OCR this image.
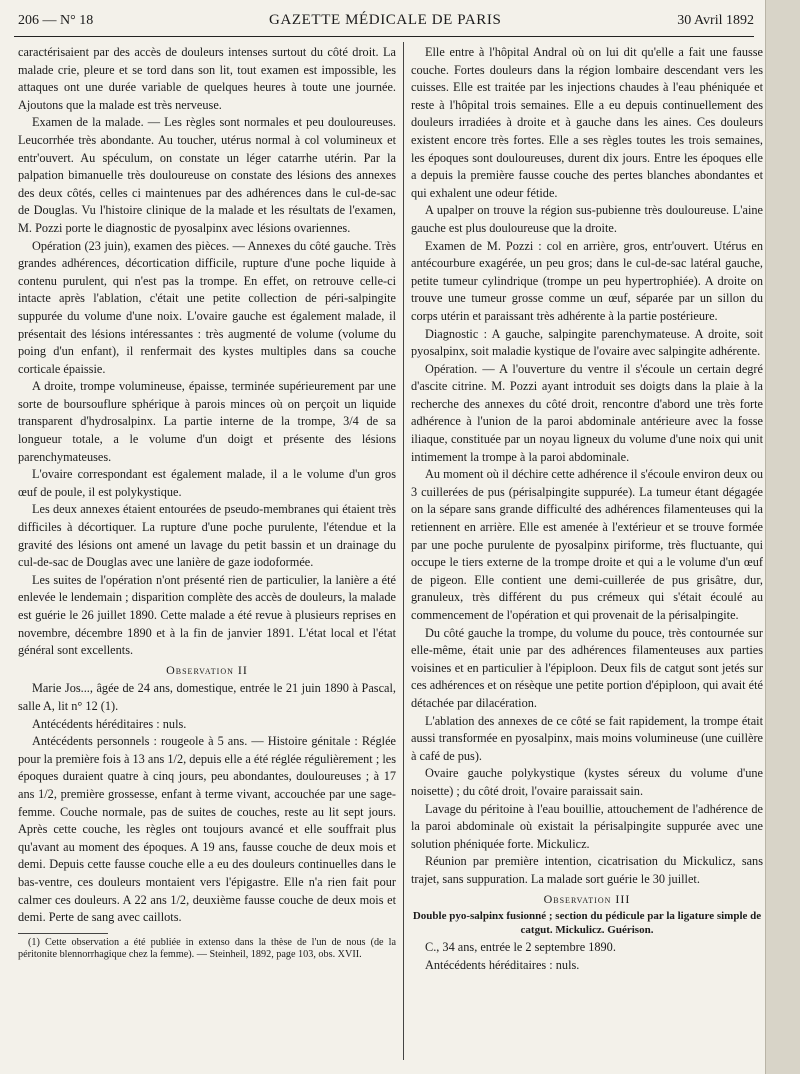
206 — N° 18	GAZETTE MÉDICALE DE PARIS	30 Avril 1892

caractérisaient par des accès de douleurs intenses surtout du côté droit. La malade crie, pleure et se tord dans son lit, tout examen est impossible, les attaques ont une durée variable de quelques heures à toute une journée. Ajoutons que la malade est très nerveuse.

Examen de la malade. — Les règles sont normales et peu douloureuses. Leucorrhée très abondante. Au toucher, utérus normal à col volumineux et entr'ouvert. Au spéculum, on constate un léger catarrhe utérin. Par la palpation bimanuelle très douloureuse on constate des lésions des annexes des deux côtés, celles ci maintenues par des adhérences dans le cul-de-sac de Douglas. Vu l'histoire clinique de la malade et les résultats de l'examen, M. Pozzi porte le diagnostic de pyosalpinx avec lésions ovariennes.

Opération (23 juin), examen des pièces. — Annexes du côté gauche. Très grandes adhérences, décortication difficile, rupture d'une poche liquide à contenu purulent, qui n'est pas la trompe. En effet, on retrouve celle-ci intacte après l'ablation, c'était une petite collection de péri-salpingite suppurée du volume d'une noix. L'ovaire gauche est également malade, il présentait des lésions intéressantes : très augmenté de volume (volume du poing d'un enfant), il renfermait des kystes multiples dans sa couche corticale épaissie.

A droite, trompe volumineuse, épaisse, terminée supérieurement par une sorte de boursouflure sphérique à parois minces où on perçoit un liquide transparent d'hydrosalpinx. La partie interne de la trompe, 3/4 de sa longueur totale, a le volume d'un doigt et présente des lésions parenchymateuses.

L'ovaire correspondant est également malade, il a le volume d'un gros œuf de poule, il est polykystique.

Les deux annexes étaient entourées de pseudo-membranes qui étaient très difficiles à décortiquer. La rupture d'une poche purulente, l'étendue et la gravité des lésions ont amené un lavage du petit bassin et un drainage du cul-de-sac de Douglas avec une lanière de gaze iodoformée.

Les suites de l'opération n'ont présenté rien de particulier, la lanière a été enlevée le lendemain ; disparition complète des accès de douleurs, la malade est guérie le 26 juillet 1890. Cette malade a été revue à plusieurs reprises en novembre, décembre 1890 et à la fin de janvier 1891. L'état local et l'état général sont excellents.

Observation II

Marie Jos..., âgée de 24 ans, domestique, entrée le 21 juin 1890 à Pascal, salle A, lit n° 12 (1).

Antécédents héréditaires : nuls.

Antécédents personnels : rougeole à 5 ans. — Histoire génitale : Réglée pour la première fois à 13 ans 1/2, depuis elle a été réglée régulièrement ; les époques duraient quatre à cinq jours, peu abondantes, douloureuses ; à 17 ans 1/2, première grossesse, enfant à terme vivant, accouchée par une sage-femme. Couche normale, pas de suites de couches, reste au lit sept jours. Après cette couche, les règles ont toujours avancé et elle souffrait plus qu'avant au moment des époques. A 19 ans, fausse couche de deux mois et demi. Depuis cette fausse couche elle a eu des douleurs continuelles dans le bas-ventre, ces douleurs montaient vers l'épigastre. Elle n'a rien fait pour calmer ces douleurs. A 22 ans 1/2, deuxième fausse couche de deux mois et demi. Perte de sang avec caillots.

(1) Cette observation a été publiée in extenso dans la thèse de l'un de nous (de la péritonite blennorrhagique chez la femme). — Steinheil, 1892, page 103, obs. XVII.

Elle entre à l'hôpital Andral où on lui dit qu'elle a fait une fausse couche. Fortes douleurs dans la région lombaire descendant vers les cuisses. Elle est traitée par les injections chaudes à l'eau phéniquée et reste à l'hôpital trois semaines. Elle a eu depuis continuellement des douleurs irradiées à droite et à gauche dans les aines. Ces douleurs existent encore très fortes. Elle a ses règles toutes les trois semaines, les époques sont douloureuses, durent dix jours. Entre les époques elle a depuis la première fausse couche des pertes blanches abondantes et qui exhalent une odeur fétide.

A upalper on trouve la région sus-pubienne très douloureuse. L'aine gauche est plus douloureuse que la droite.

Examen de M. Pozzi : col en arrière, gros, entr'ouvert. Utérus en antécourbure exagérée, un peu gros; dans le cul-de-sac latéral gauche, petite tumeur cylindrique (trompe un peu hypertrophiée). A droite on trouve une tumeur grosse comme un œuf, séparée par un sillon du corps utérin et paraissant très adhérente à la partie postérieure.

Diagnostic : A gauche, salpingite parenchymateuse. A droite, soit pyosalpinx, soit maladie kystique de l'ovaire avec salpingite adhérente.

Opération. — A l'ouverture du ventre il s'écoule un certain degré d'ascite citrine. M. Pozzi ayant introduit ses doigts dans la plaie à la recherche des annexes du côté droit, rencontre d'abord une très forte adhérence à l'union de la paroi abdominale antérieure avec la fosse iliaque, constituée par un noyau ligneux du volume d'une noix qui unit intimement la trompe à la paroi abdominale.

Au moment où il déchire cette adhérence il s'écoule environ deux ou 3 cuillerées de pus (périsalpingite suppurée). La tumeur étant dégagée on la sépare sans grande difficulté des adhérences filamenteuses qui la retiennent en arrière. Elle est amenée à l'extérieur et se trouve formée par une poche purulente de pyosalpinx piriforme, très fluctuante, qui occupe le tiers externe de la trompe droite et qui a le volume d'un œuf de pigeon. Elle contient une demi-cuillerée de pus grisâtre, dur, granuleux, très différent du pus crémeux qui s'était écoulé au commencement de l'opération et qui provenait de la périsalpingite.

Du côté gauche la trompe, du volume du pouce, très contournée sur elle-même, était unie par des adhérences filamenteuses aux parties voisines et en particulier à l'épiploon. Deux fils de catgut sont jetés sur ces adhérences et on résèque une petite portion d'épiploon, qui avait été détachée par dilacération.

L'ablation des annexes de ce côté se fait rapidement, la trompe était aussi transformée en pyosalpinx, mais moins volumineuse (une cuillère à café de pus).

Ovaire gauche polykystique (kystes séreux du volume d'une noisette) ; du côté droit, l'ovaire paraissait sain.

Lavage du péritoine à l'eau bouillie, attouchement de l'adhérence de la paroi abdominale où existait la périsalpingite suppurée avec une solution phéniquée forte. Mickulicz.

Réunion par première intention, cicatrisation du Mickulicz, sans trajet, sans suppuration. La malade sort guérie le 30 juillet.

Observation III

Double pyo-salpinx fusionné ; section du pédicule par la ligature simple de catgut. Mickulicz. Guérison.

C., 34 ans, entrée le 2 septembre 1890.

Antécédents héréditaires : nuls.
